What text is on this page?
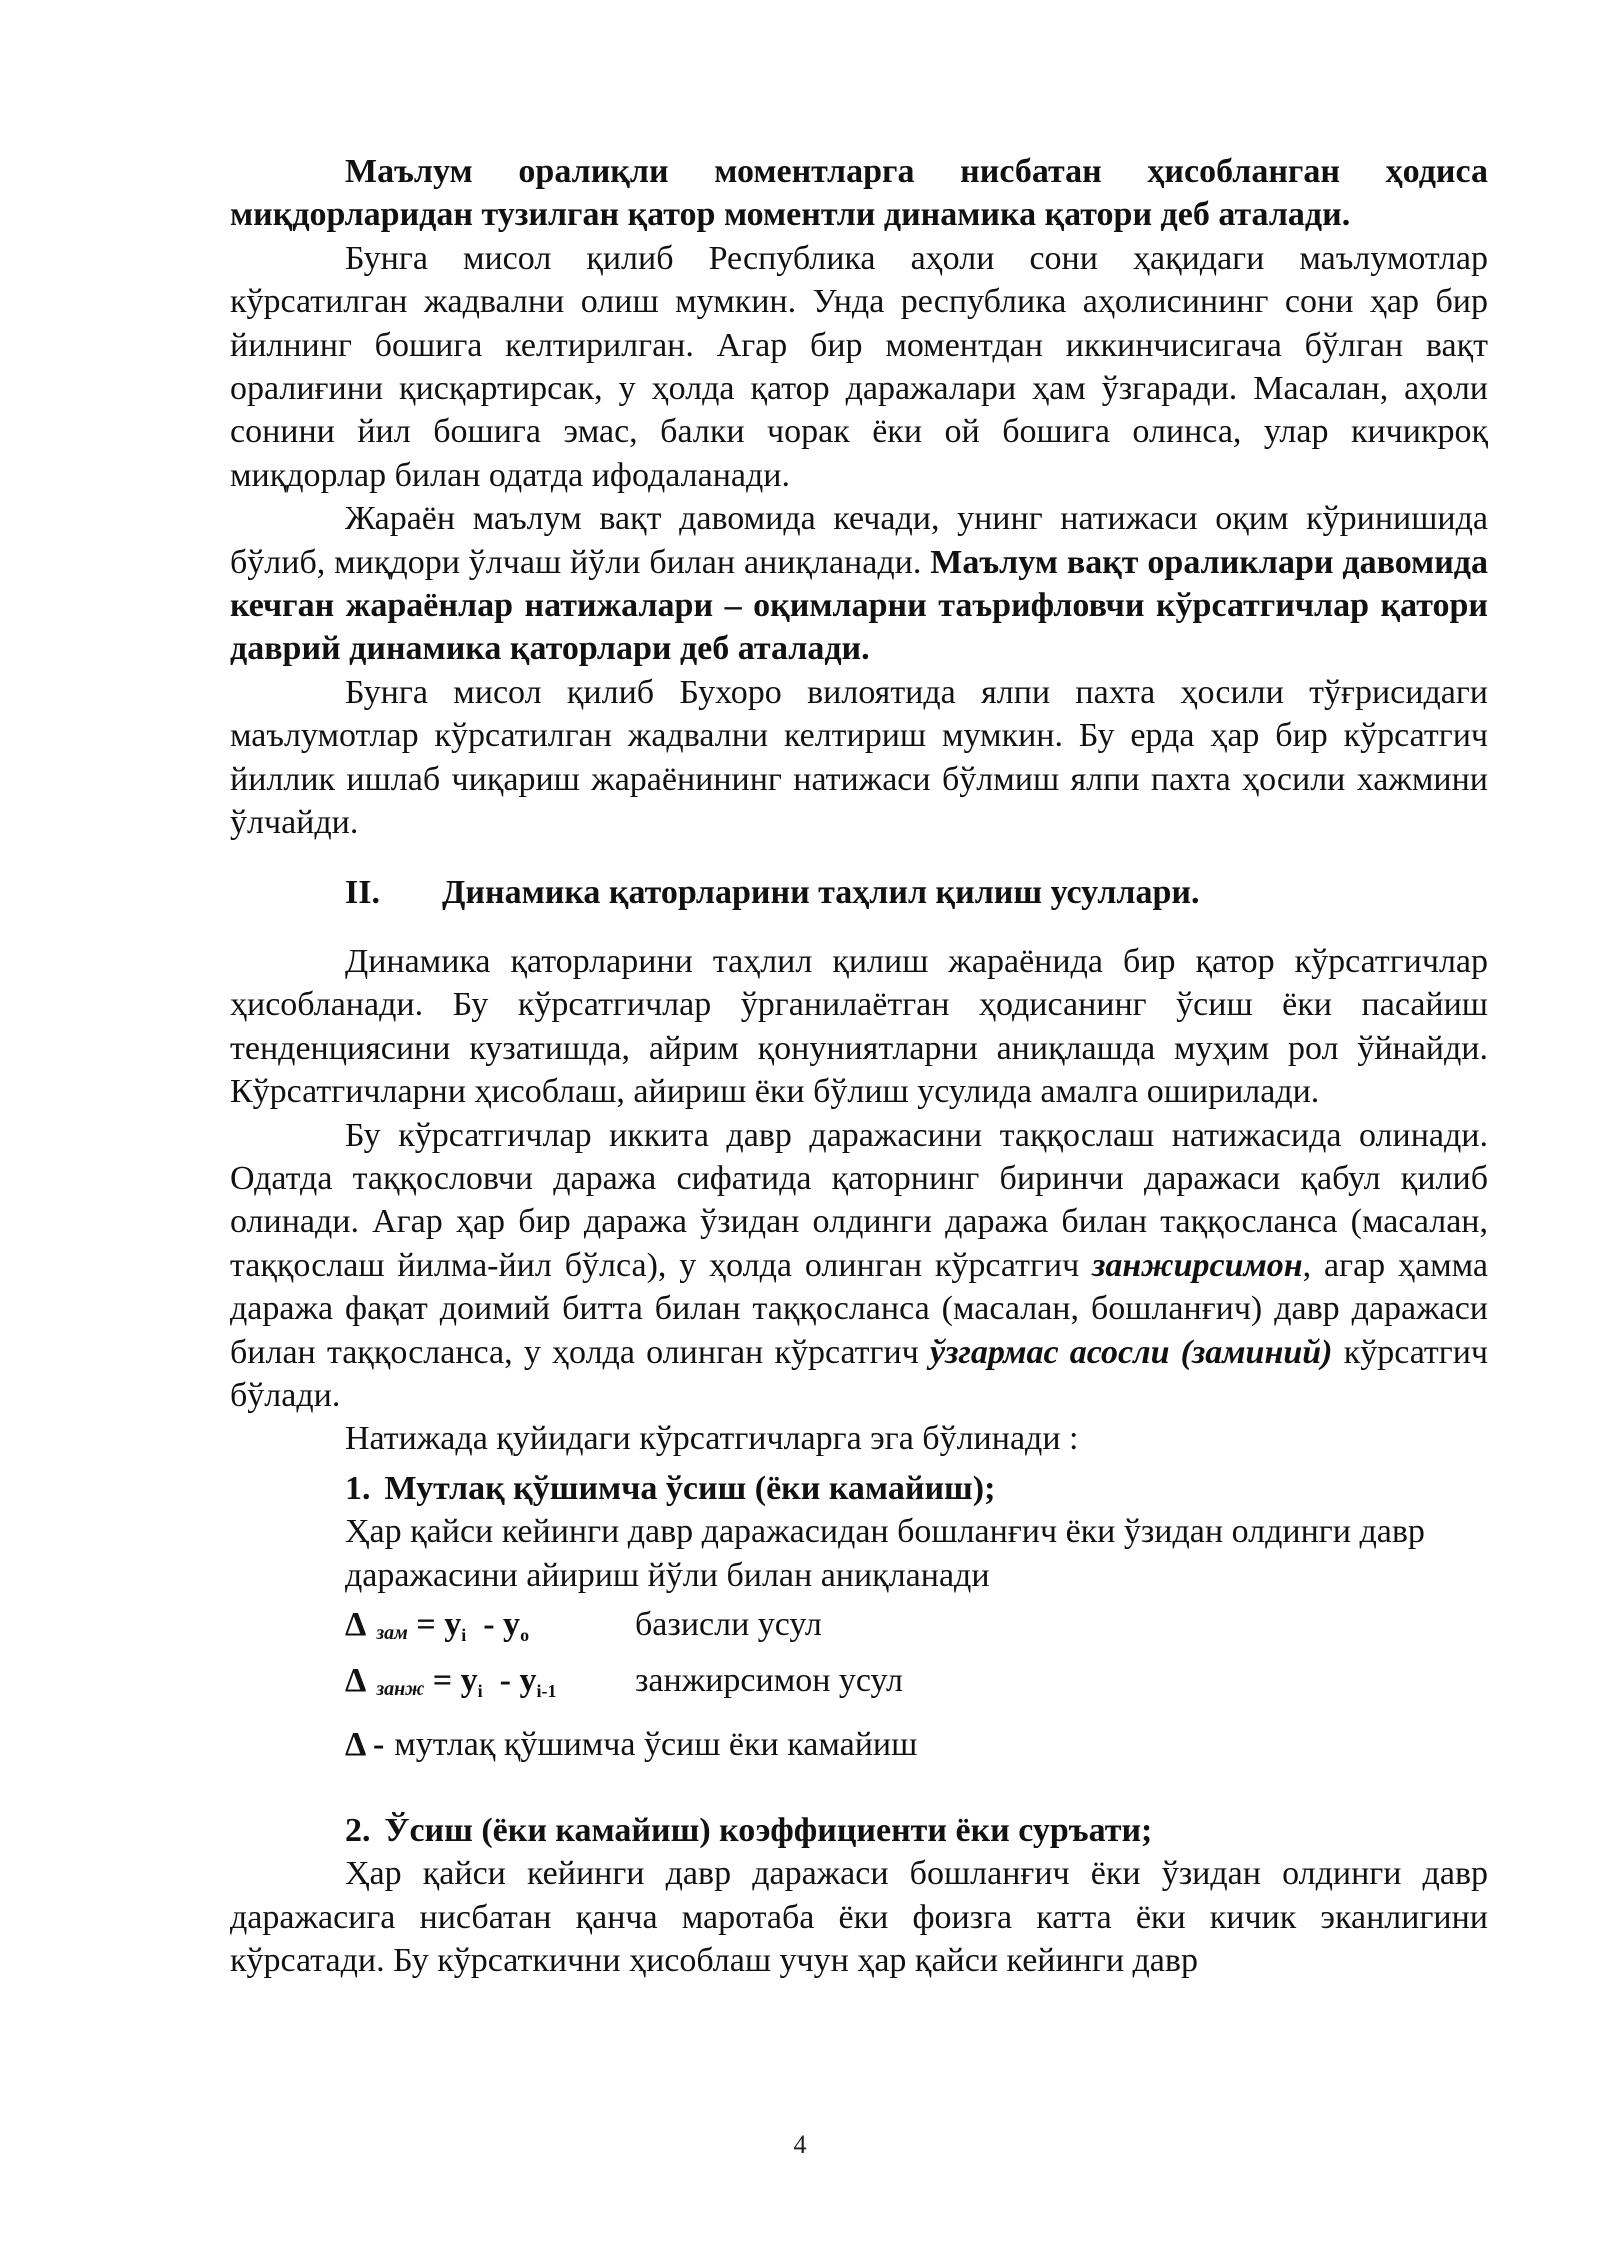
Маълум оралиқли моментларга нисбатан ҳисобланган ҳодиса миқдорларидан тузилган қатор моментли динамика қатори деб аталади.

Бунга мисол қилиб Республика аҳоли сони ҳақидаги маълумотлар кўрсатилган жадвални олиш мумкин. Унда республика аҳолисининг сони ҳар бир йилнинг бошига келтирилган. Агар бир моментдан иккинчисигача бўлган вақт оралиғини қисқартирсак, у ҳолда қатор даражалари ҳам ўзгаради. Масалан, аҳоли сонини йил бошига эмас, балки чорак ёки ой бошига олинса, улар кичикроқ миқдорлар билан одатда ифодаланади.

Жараён маълум вақт давомида кечади, унинг натижаси оқим кўринишида бўлиб, миқдори ўлчаш йўли билан аниқланади. Маълум вақт ораликлари давомида кечган жараёнлар натижалари – оқимларни таърифловчи кўрсатгичлар қатори даврий динамика қаторлари деб аталади.

Бунга мисол қилиб Бухоро вилоятида ялпи пахта ҳосили тўғрисидаги маълумотлар кўрсатилган жадвални келтириш мумкин. Бу ерда ҳар бир кўрсатгич йиллик ишлаб чиқариш жараёнининг натижаси бўлмиш ялпи пахта ҳосили хажмини ўлчайди.

II. Динамика қаторларини таҳлил қилиш усуллари.

Динамика қаторларини таҳлил қилиш жараёнида бир қатор кўрсатгичлар ҳисобланади. Бу кўрсатгичлар ўрганилаётган ҳодисанинг ўсиш ёки пасайиш тенденциясини кузатишда, айрим қонуниятларни аниқлашда муҳим рол ўйнайди. Кўрсатгичларни ҳисоблаш, айириш ёки бўлиш усулида амалга оширилади.

Бу кўрсатгичлар иккита давр даражасини таққослаш натижасида олинади. Одатда таққословчи даража сифатида қаторнинг биринчи даражаси қабул қилиб олинади. Агар ҳар бир даража ўзидан олдинги даража билан таққосланса (масалан, таққослаш йилма-йил бўлса), у ҳолда олинган кўрсатгич занжирсимон, агар ҳамма даража фақат доимий битта билан таққосланса (масалан, бошланғич) давр даражаси билан таққосланса, у ҳолда олинган кўрсатгич ўзгармас асосли (заминий) кўрсатгич бўлади.

Натижада қуйидаги кўрсатгичларга эга бўлинади :

1. Мутлақ қўшимча ўсиш (ёки камайиш);
Ҳар қайси кейинги давр даражасидан бошланғич ёки ўзидан олдинги давр даражасини айириш йўли билан аниқланади
Δ $_{зам}$ = yi - yo	базисли усул
Δ $_{занж}$ = yi - yi-1 занжирсимон усул
Δ - мутлақ қўшимча ўсиш ёки камайиш
2. Ўсиш (ёки камайиш) коэффициенти ёки суръати;

Ҳар қайси кейинги давр даражаси бошланғич ёки ўзидан олдинги давр даражасига нисбатан қанча маротаба ёки фоизга катта ёки кичик эканлигини кўрсатади. Бу кўрсаткични ҳисоблаш учун ҳар қайси кейинги давр

4
